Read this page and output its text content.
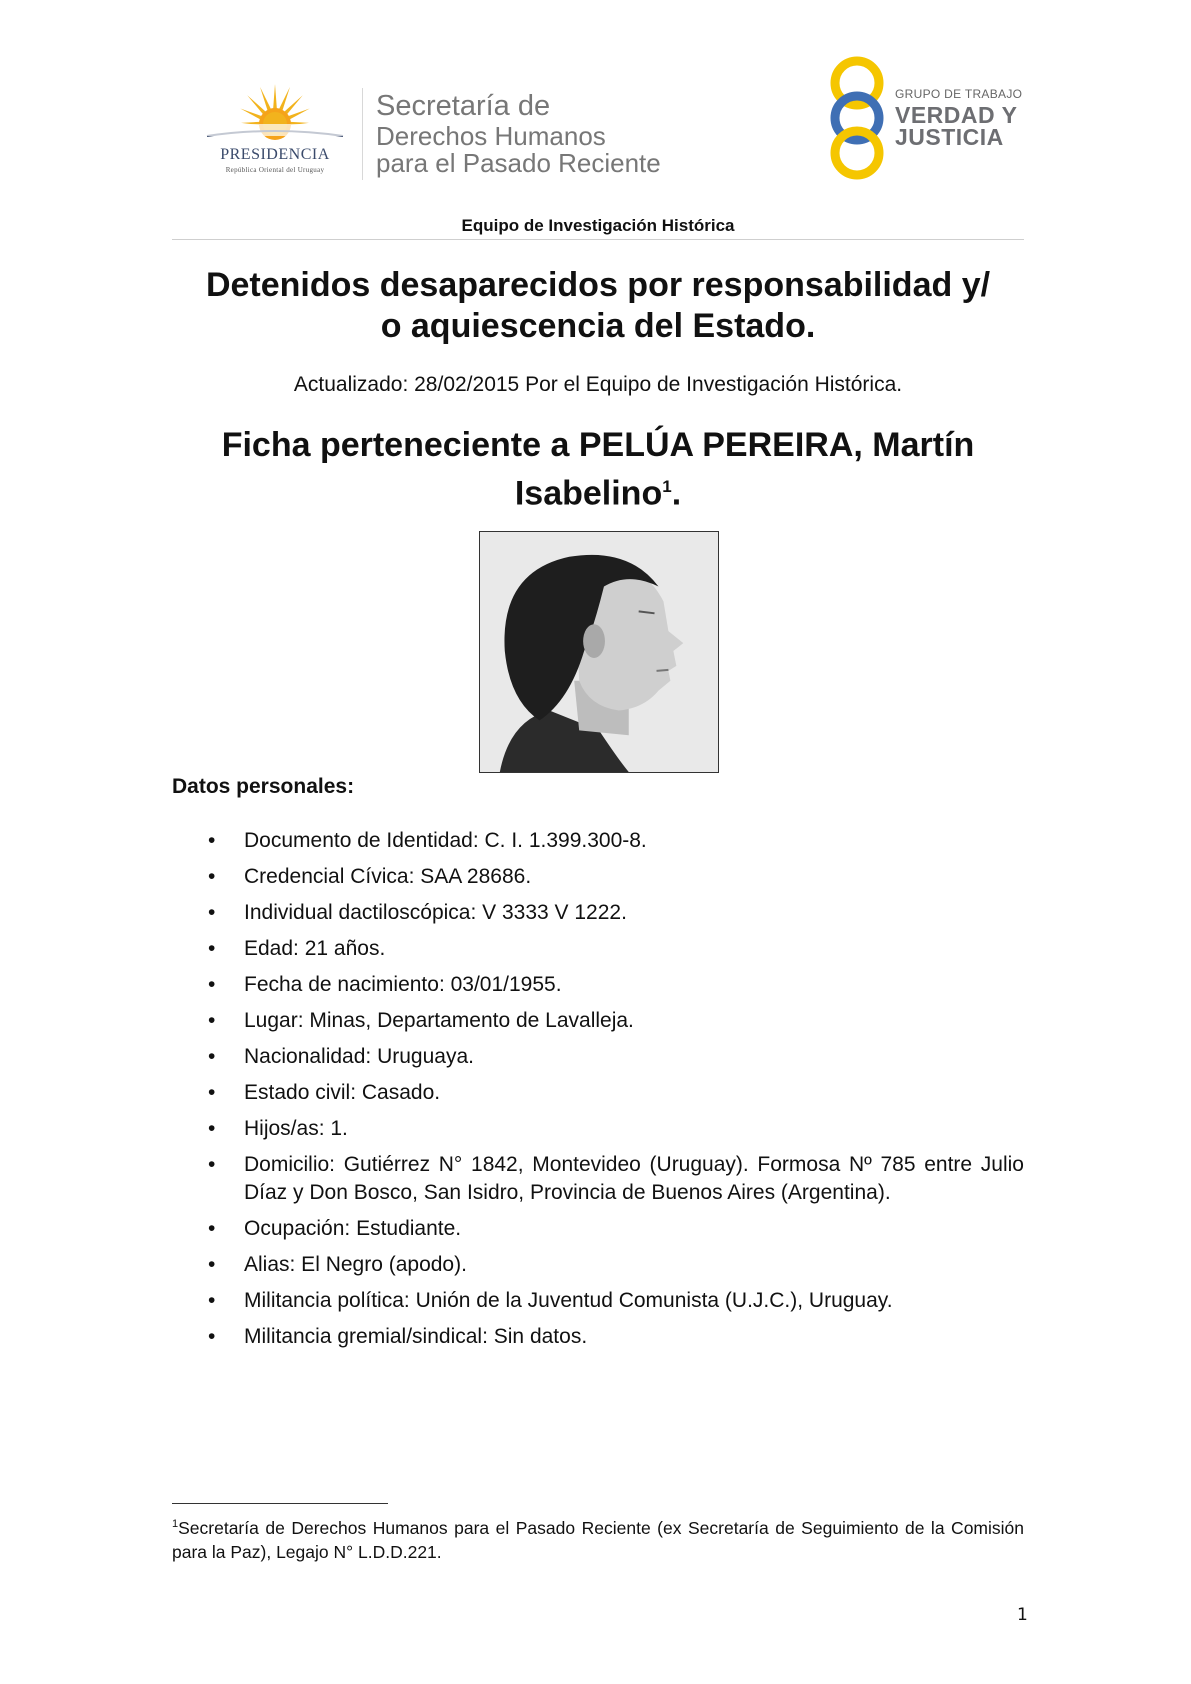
PRESIDENCIA
República Oriental del Uruguay
Secretaría de
Derechos Humanos
para el Pasado Reciente
GRUPO DE TRABAJO
VERDAD Y
JUSTICIA
Equipo de Investigación Histórica
Detenidos desaparecidos por responsabilidad y/
o aquiescencia del Estado.
Actualizado: 28/02/2015 Por el Equipo de Investigación Histórica.
Ficha perteneciente a PELÚA PEREIRA, Martín
Isabelino$^1$.
Datos personales:
• Documento de Identidad: C. I. 1.399.300-8.
• Credencial Cívica: SAA 28686.
• Individual dactiloscópica: V 3333 V 1222.
• Edad: 21 años.
• Fecha de nacimiento: 03/01/1955.
• Lugar: Minas, Departamento de Lavalleja.
• Nacionalidad: Uruguaya.
• Estado civil: Casado.
• Hijos/as: 1.
• Domicilio: Gutiérrez N° 1842, Montevideo (Uruguay). Formosa Nº 785 entre Julio Díaz y Don Bosco, San Isidro, Provincia de Buenos Aires (Argentina).
• Ocupación: Estudiante.
• Alias: El Negro (apodo).
• Militancia política: Unión de la Juventud Comunista (U.J.C.), Uruguay.
• Militancia gremial/sindical: Sin datos.
$^1$Secretaría de Derechos Humanos para el Pasado Reciente (ex Secretaría de Seguimiento de la Comisión para la Paz), Legajo N° L.D.D.221.
1
